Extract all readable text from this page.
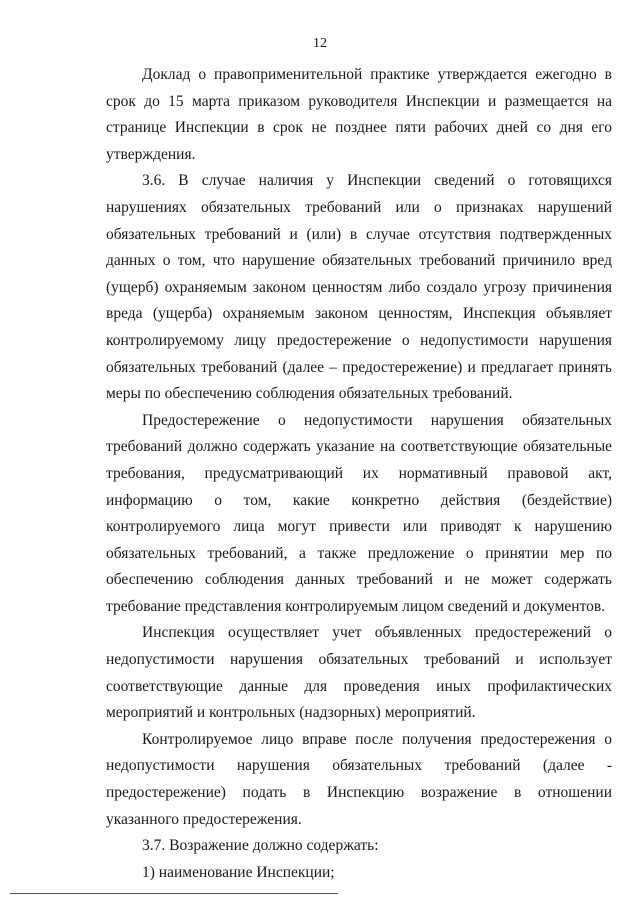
12

Доклад о правоприменительной практике утверждается ежегодно в срок до 15 марта приказом руководителя Инспекции и размещается на странице Инспекции в срок не позднее пяти рабочих дней со дня его утверждения.

3.6. В случае наличия у Инспекции сведений о готовящихся нарушениях обязательных требований или о признаках нарушений обязательных требований и (или) в случае отсутствия подтвержденных данных о том, что нарушение обязательных требований причинило вред (ущерб) охраняемым законом ценностям либо создало угрозу причинения вреда (ущерба) охраняемым законом ценностям, Инспекция объявляет контролируемому лицу предостережение о недопустимости нарушения обязательных требований (далее – предостережение) и предлагает принять меры по обеспечению соблюдения обязательных требований.

Предостережение о недопустимости нарушения обязательных требований должно содержать указание на соответствующие обязательные требования, предусматривающий их нормативный правовой акт, информацию о том, какие конкретно действия (бездействие) контролируемого лица могут привести или приводят к нарушению обязательных требований, а также предложение о принятии мер по обеспечению соблюдения данных требований и не может содержать требование представления контролируемым лицом сведений и документов.

Инспекция осуществляет учет объявленных предостережений о недопустимости нарушения обязательных требований и использует соответствующие данные для проведения иных профилактических мероприятий и контрольных (надзорных) мероприятий.

Контролируемое лицо вправе после получения предостережения о недопустимости нарушения обязательных требований (далее - предостережение) подать в Инспекцию возражение в отношении указанного предостережения.

3.7. Возражение должно содержать:

1) наименование Инспекции;
